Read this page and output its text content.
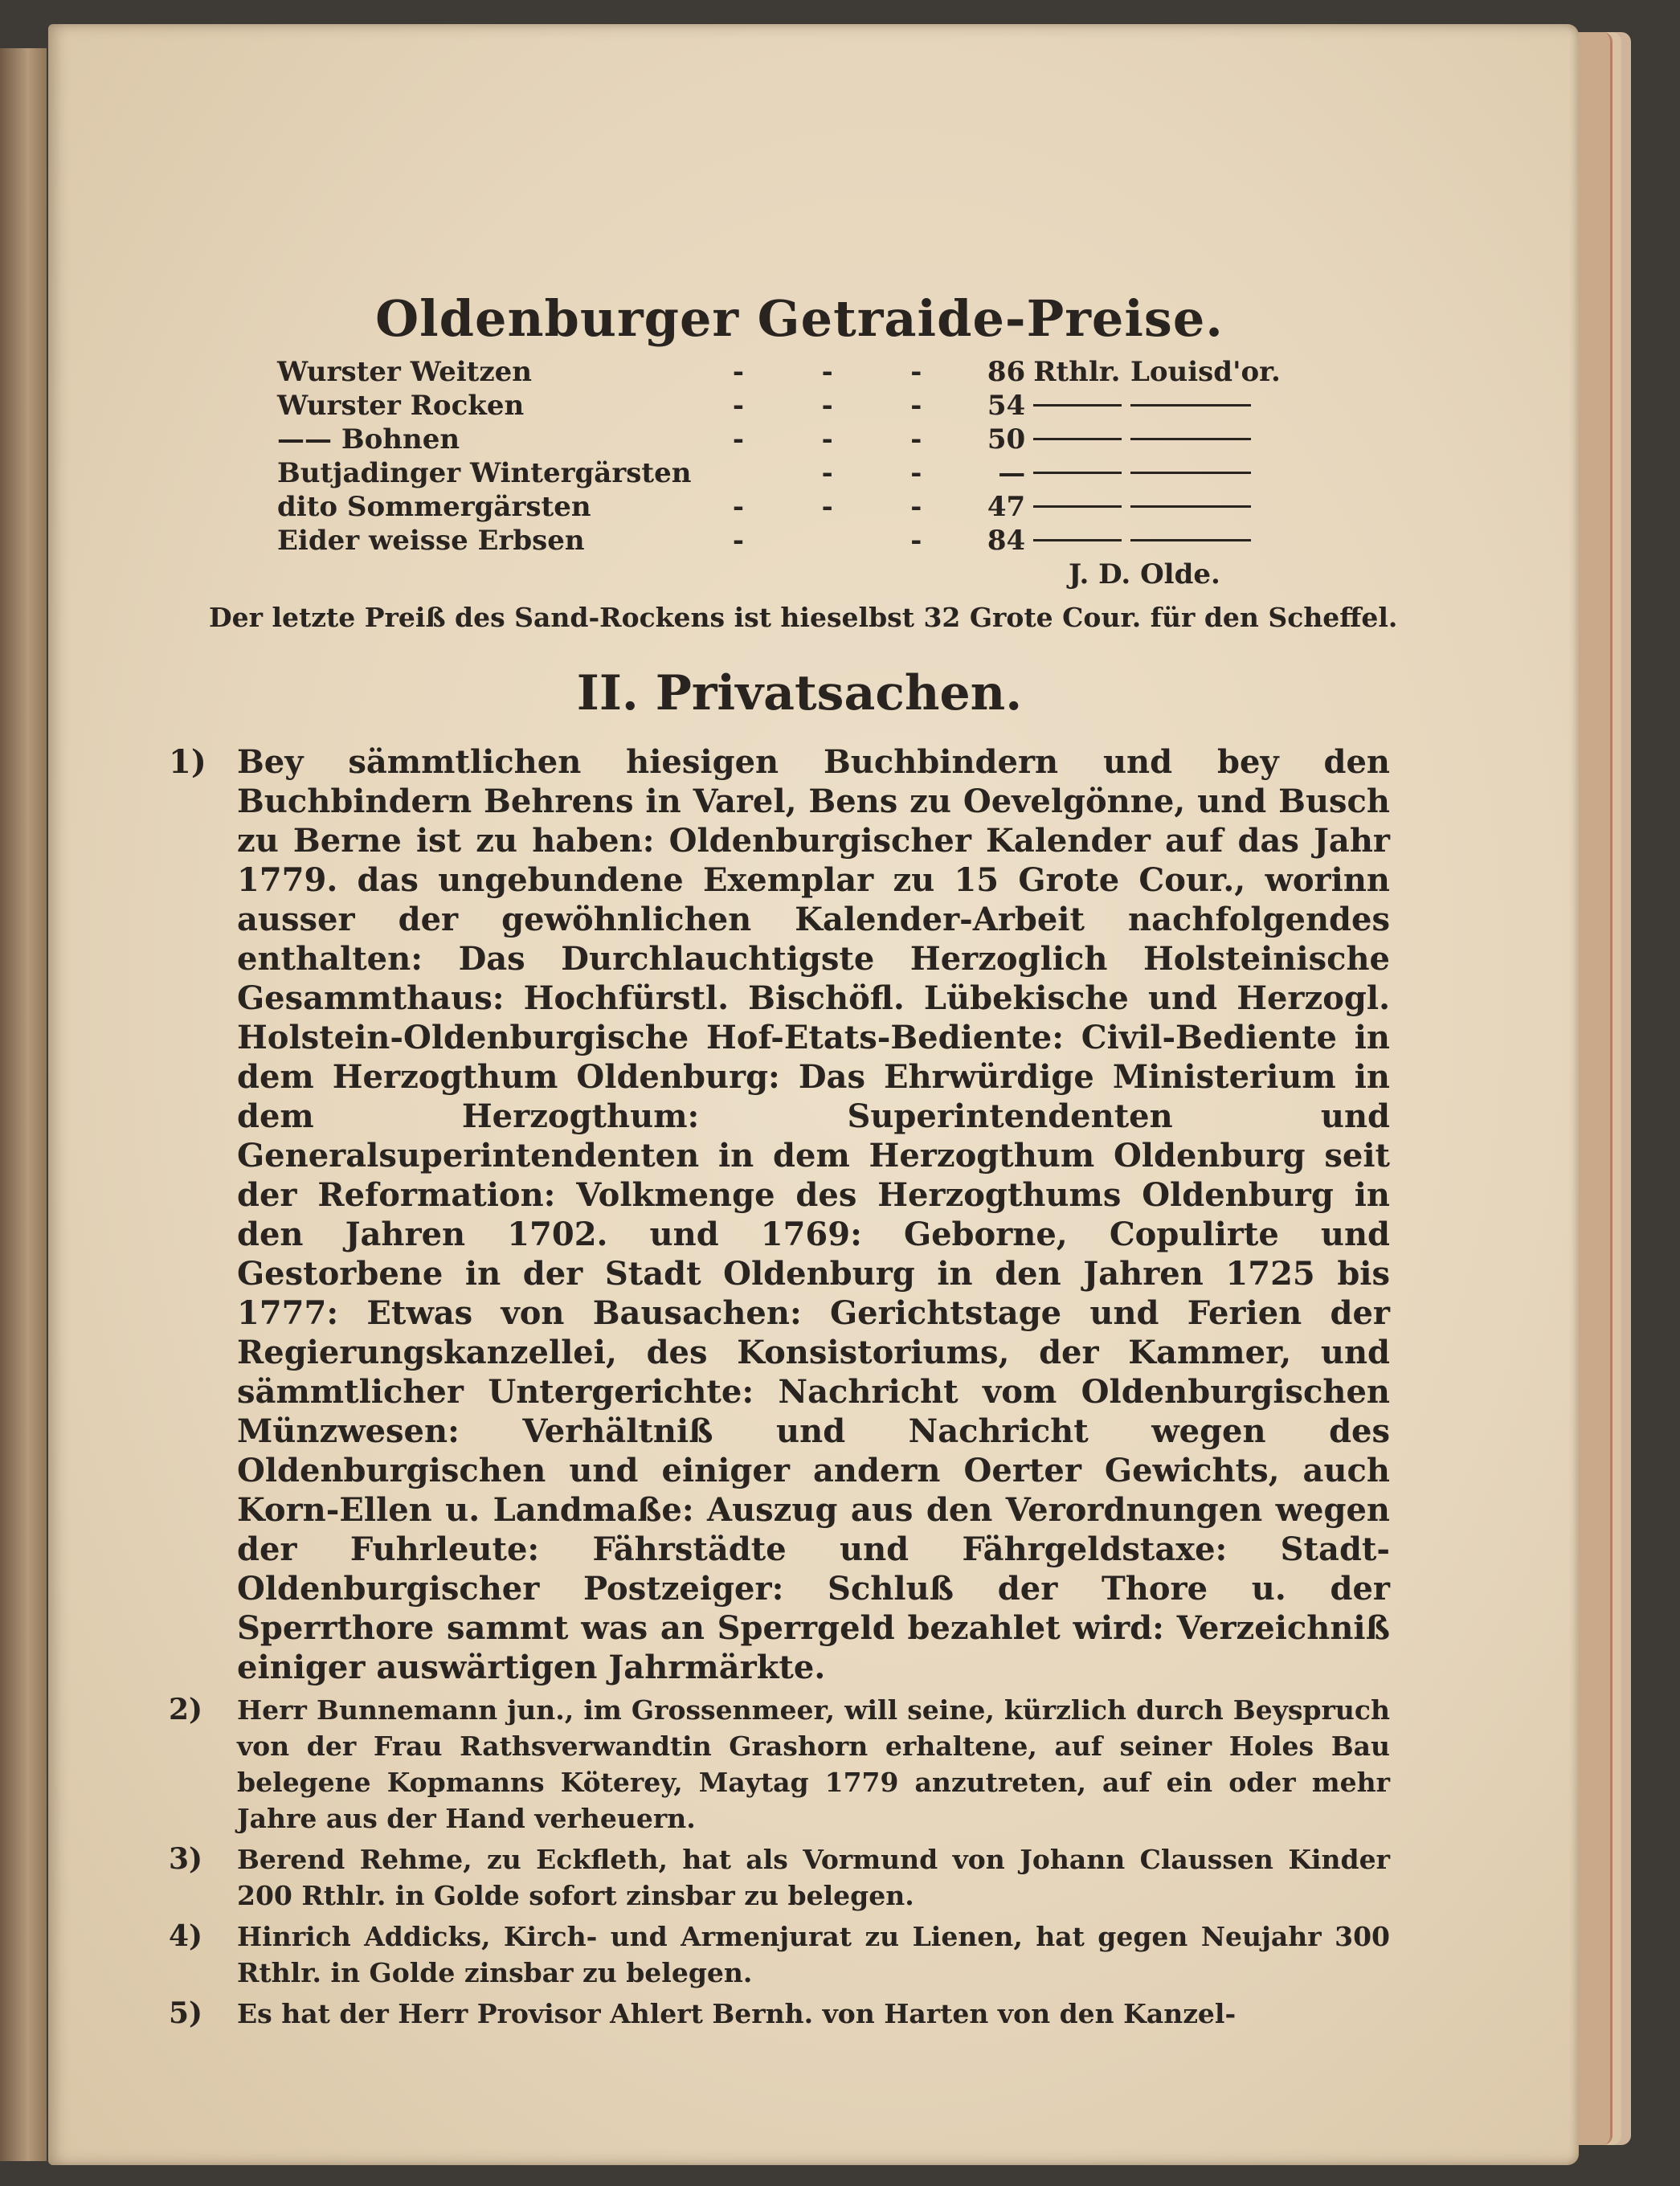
Oldenburger Getraide-Preise.
Wurster Weitzen	-	-	-	86	Rthlr.	Louisd'or.
Wurster Rocken	-	-	-	54		
—— Bohnen	-	-	-	50		
Butjadinger Wintergärsten		-	-	—		
dito Sommergärsten	-	-	-	47		
Eider weisse Erbsen	-		-	84		
J. D. Olde.
Der letzte Preiß des Sand-Rockens ist hieselbst 32 Grote Cour. für den Scheffel.
II. Privatsachen.
1) Bey sämmtlichen hiesigen Buchbindern und bey den Buchbindern Behrens in Varel, Bens zu Oevelgönne, und Busch zu Berne ist zu haben: Oldenburgischer Kalender auf das Jahr 1779. das ungebundene Exemplar zu 15 Grote Cour., worinn ausser der gewöhnlichen Kalender-Arbeit nachfolgendes enthalten: Das Durchlauchtigste Herzoglich Holsteinische Gesammthaus: Hochfürstl. Bischöfl. Lübekische und Herzogl. Holstein-Oldenburgische Hof-Etats-Bediente: Civil-Bediente in dem Herzogthum Oldenburg: Das Ehrwürdige Ministerium in dem Herzogthum: Superintendenten und Generalsuperintendenten in dem Herzogthum Oldenburg seit der Reformation: Volkmenge des Herzogthums Oldenburg in den Jahren 1702. und 1769: Geborne, Copulirte und Gestorbene in der Stadt Oldenburg in den Jahren 1725 bis 1777: Etwas von Bausachen: Gerichtstage und Ferien der Regierungskanzellei, des Konsistoriums, der Kammer, und sämmtlicher Untergerichte: Nachricht vom Oldenburgischen Münzwesen: Verhältniß und Nachricht wegen des Oldenburgischen und einiger andern Oerter Gewichts, auch Korn-Ellen u. Landmaße: Auszug aus den Verordnungen wegen der Fuhrleute: Fährstädte und Fährgeldstaxe: Stadt-Oldenburgischer Postzeiger: Schluß der Thore u. der Sperrthore sammt was an Sperrgeld bezahlet wird: Verzeichniß einiger auswärtigen Jahrmärkte.
2)	Herr Bunnemann jun., im Grossenmeer, will seine, kürzlich durch Beyspruch von der Frau Rathsverwandtin Grashorn erhaltene, auf seiner Holes Bau belegene Kopmanns Köterey, Maytag 1779 anzutreten, auf ein oder mehr Jahre aus der Hand verheuern.
3)	Berend Rehme, zu Eckfleth, hat als Vormund von Johann Claussen Kinder 200 Rthlr. in Golde sofort zinsbar zu belegen.
4)	Hinrich Addicks, Kirch- und Armenjurat zu Lienen, hat gegen Neujahr 300 Rthlr. in Golde zinsbar zu belegen.
5)	Es hat der Herr Provisor Ahlert Bernh. von Harten von den Kanzel-
